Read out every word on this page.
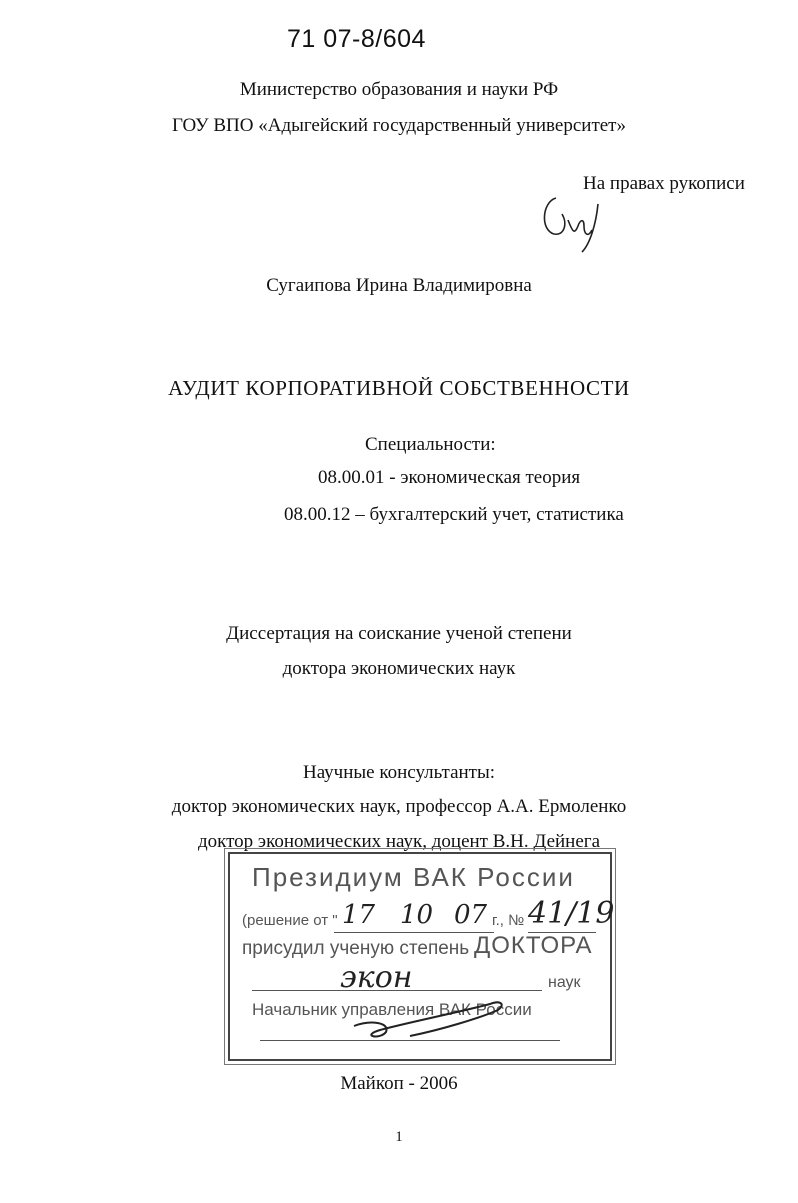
71 07-8/604
Министерство образования и науки РФ
ГОУ ВПО «Адыгейский государственный университет»
На правах рукописи
Сугаипова Ирина Владимировна
АУДИТ КОРПОРАТИВНОЙ СОБСТВЕННОСТИ
Специальности:
08.00.01 - экономическая теория
08.00.12 – бухгалтерский учет, статистика
Диссертация на соискание ученой степени
доктора экономических наук
Научные консультанты:
доктор экономических наук, профессор А.А. Ермоленко
доктор экономических наук, доцент В.Н. Дейнега
Президиум ВАК России
(решение от " 17 10 07 г., № 41/19
присудил ученую степень ДОКТОРА
экон	наук
Начальник управления ВАК России
Майкоп - 2006
1
